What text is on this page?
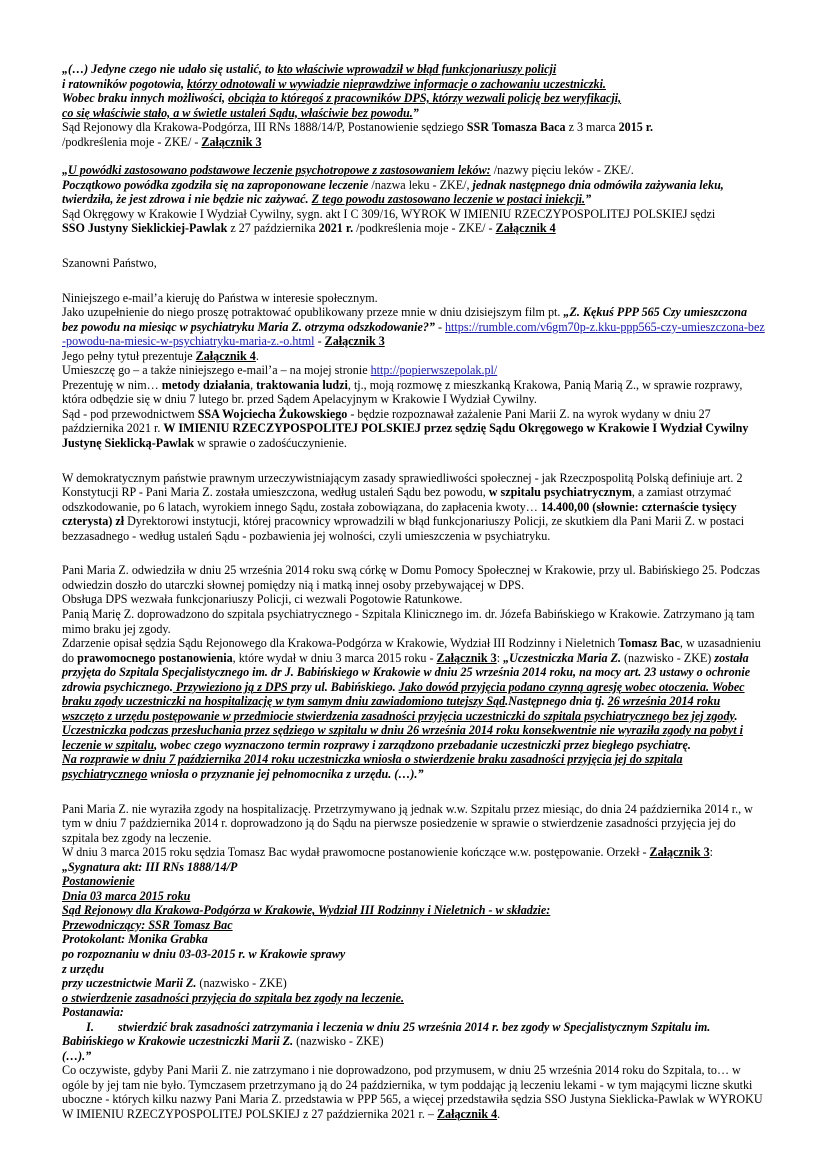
„(…) Jedyne czego nie udało się ustalić, to kto właściwie wprowadził w błąd funkcjonariuszy policji

i ratowników pogotowia, którzy odnotowali w wywiadzie nieprawdziwe informacje o zachowaniu uczestniczki.

Wobec braku innych możliwości, obciąża to któregoś z pracowników DPS, którzy wezwali policję bez weryfikacji,

co się właściwie stało, a w świetle ustaleń Sądu, właściwie bez powodu.”

Sąd Rejonowy dla Krakowa-Podgórza, III RNs 1888/14/P, Postanowienie sędziego SSR Tomasza Baca z 3 marca 2015 r.

/podkreślenia moje - ZKE/ - Załącznik 3

„U powódki zastosowano podstawowe leczenie psychotropowe z zastosowaniem leków: /nazwy pięciu leków - ZKE/.

Początkowo powódka zgodziła się na zaproponowane leczenie /nazwa leku - ZKE/, jednak następnego dnia odmówiła zażywania leku,

twierdziła, że jest zdrowa i nie będzie nic zażywać. Z tego powodu zastosowano leczenie w postaci iniekcji.”

Sąd Okręgowy w Krakowie I Wydział Cywilny, sygn. akt I C 309/16, WYROK W IMIENIU RZECZYPOSPOLITEJ POLSKIEJ sędzi

SSO Justyny Sieklickiej-Pawlak z 27 października 2021 r. /podkreślenia moje - ZKE/ - Załącznik 4

Szanowni Państwo,

Niniejszego e-mail’a kieruję do Państwa w interesie społecznym.

Jako uzupełnienie do niego proszę potraktować opublikowany przeze mnie w dniu dzisiejszym film pt. „Z. Kękuś PPP 565 Czy umieszczona bez powodu na miesiąc w psychiatryku Maria Z. otrzyma odszkodowanie?” - https://rumble.com/v6gm70p-z.kku-ppp565-czy-umieszczona-bez-powodu-na-miesic-w-psychiatryku-maria-z.-o.html - Załącznik 3

Jego pełny tytuł prezentuje Załącznik 4.

Umieszczę go – a także niniejszego e-mail’a – na mojej stronie http://popierwszepolak.pl/

Prezentuję w nim… metody działania, traktowania ludzi, tj., moją rozmowę z mieszkanką Krakowa, Panią Marią Z., w sprawie rozprawy, która odbędzie się w dniu 7 lutego br. przed Sądem Apelacyjnym w Krakowie I Wydział Cywilny.

Sąd - pod przewodnictwem SSA Wojciecha Żukowskiego - będzie rozpoznawał zażalenie Pani Marii Z. na wyrok wydany w dniu 27 października 2021 r. W IMIENIU RZECZYPOSPOLITEJ POLSKIEJ przez sędzię Sądu Okręgowego w Krakowie I Wydział Cywilny Justynę Sieklicką-Pawlak w sprawie o zadośćuczynienie.

W demokratycznym państwie prawnym urzeczywistniającym zasady sprawiedliwości społecznej - jak Rzeczpospolitą Polską definiuje art. 2 Konstytucji RP - Pani Maria Z. została umieszczona, według ustaleń Sądu bez powodu, w szpitalu psychiatrycznym, a zamiast otrzymać odszkodowanie, po 6 latach, wyrokiem innego Sądu, została zobowiązana, do zapłacenia kwoty… 14.400,00 (słownie: czternaście tysięcy czterysta) zł Dyrektorowi instytucji, której pracownicy wprowadzili w błąd funkcjonariuszy Policji, ze skutkiem dla Pani Marii Z. w postaci bezzasadnego - według ustaleń Sądu - pozbawienia jej wolności, czyli umieszczenia w psychiatryku.

Pani Maria Z. odwiedziła w dniu 25 września 2014 roku swą córkę w Domu Pomocy Społecznej w Krakowie, przy ul. Babińskiego 25. Podczas odwiedzin doszło do utarczki słownej pomiędzy nią i matką innej osoby przebywającej w DPS.

Obsługa DPS wezwała funkcjonariuszy Policji, ci wezwali Pogotowie Ratunkowe.

Panią Marię Z. doprowadzono do szpitala psychiatrycznego - Szpitala Klinicznego im. dr. Józefa Babińskiego w Krakowie. Zatrzymano ją tam mimo braku jej zgody.

Zdarzenie opisał sędzia Sądu Rejonowego dla Krakowa-Podgórza w Krakowie, Wydział III Rodzinny i Nieletnich Tomasz Bac, w uzasadnieniu do prawomocnego postanowienia, które wydał w dniu 3 marca 2015 roku - Załącznik 3: „Uczestniczka Maria Z. (nazwisko - ZKE) została przyjęta do Szpitala Specjalistycznego im. dr J. Babińskiego w Krakowie w dniu 25 września 2014 roku, na mocy art. 23 ustawy o ochronie zdrowia psychicznego. Przywieziono ją z DPS przy ul. Babińskiego. Jako dowód przyjęcia podano czynną agresję wobec otoczenia. Wobec braku zgody uczestniczki na hospitalizację w tym samym dniu zawiadomiono tutejszy Sąd.Następnego dnia tj. 26 września 2014 roku wszczęto z urzędu postępowanie w przedmiocie stwierdzenia zasadności przyjęcia uczestniczki do szpitala psychiatrycznego bez jej zgody. Uczestniczka podczas przesłuchania przez sędziego w szpitalu w dniu 26 września 2014 roku konsekwentnie nie wyraziła zgody na pobyt i leczenie w szpitalu, wobec czego wyznaczono termin rozprawy i zarządzono przebadanie uczestniczki przez biegłego psychiatrę.

Na rozprawie w dniu 7 października 2014 roku uczestniczka wniosła o stwierdzenie braku zasadności przyjęcia jej do szpitala psychiatrycznego wniosła o przyznanie jej pełnomocnika z urzędu. (…).”

Pani Maria Z. nie wyraziła zgody na hospitalizację. Przetrzymywano ją jednak w.w. Szpitalu przez miesiąc, do dnia 24 października 2014 r., w tym w dniu 7 października 2014 r. doprowadzono ją do Sądu na pierwsze posiedzenie w sprawie o stwierdzenie zasadności przyjęcia jej do szpitala bez zgody na leczenie.

W dniu 3 marca 2015 roku sędzia Tomasz Bac wydał prawomocne postanowienie kończące w.w. postępowanie. Orzekł - Załącznik 3:

„Sygnatura akt: III RNs 1888/14/P

Postanowienie

Dnia 03 marca 2015 roku

Sąd Rejonowy dla Krakowa-Podgórza w Krakowie, Wydział III Rodzinny i Nieletnich - w składzie:

Przewodniczący: SSR Tomasz Bac

Protokolant: Monika Grabka

po rozpoznaniu w dniu 03-03-2015 r. w Krakowie sprawy

z urzędu

przy uczestnictwie Marii Z. (nazwisko - ZKE)

o stwierdzenie zasadności przyjęcia do szpitala bez zgody na leczenie.

Postanawia:

I. stwierdzić brak zasadności zatrzymania i leczenia w dniu 25 września 2014 r. bez zgody w Specjalistycznym Szpitalu im. Babińskiego w Krakowie uczestniczki Marii Z. (nazwisko - ZKE)

(…).”

Co oczywiste, gdyby Pani Marii Z. nie zatrzymano i nie doprowadzono, pod przymusem, w dniu 25 września 2014 roku do Szpitala, to… w ogóle by jej tam nie było. Tymczasem przetrzymano ją do 24 października, w tym poddając ją leczeniu lekami - w tym mającymi liczne skutki uboczne - których kilku nazwy Pani Maria Z. przedstawia w PPP 565, a więcej przedstawiła sędzia SSO Justyna Sieklicka-Pawlak w WYROKU W IMIENIU RZECZYPOSPOLITEJ POLSKIEJ z 27 października 2021 r. – Załącznik 4.
